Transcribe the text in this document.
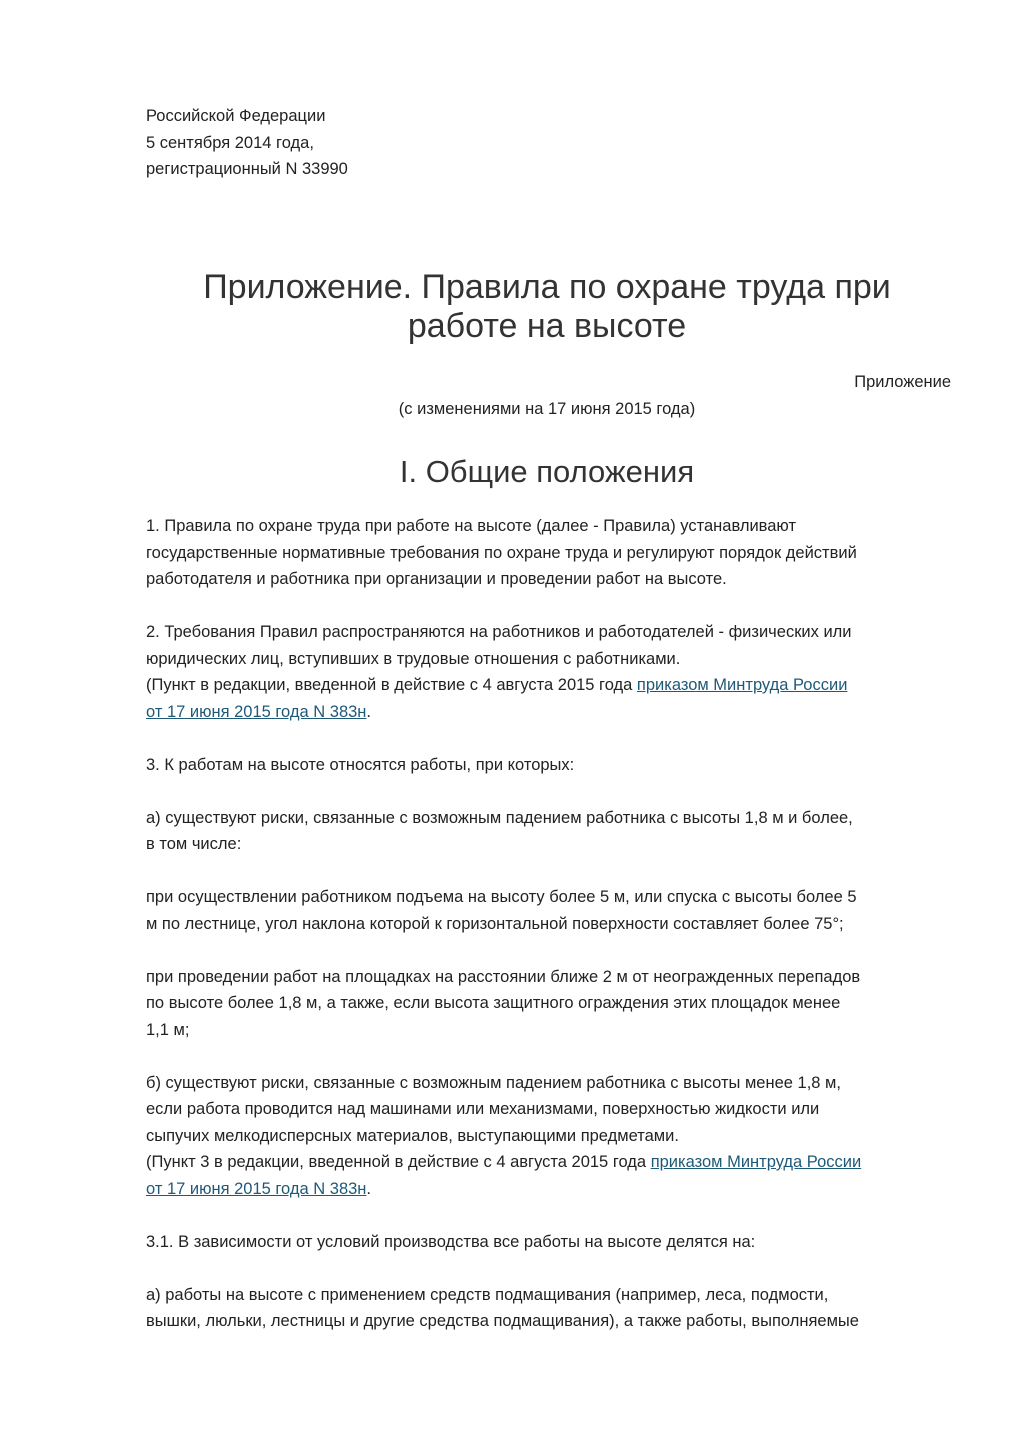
Российской Федерации
5 сентября 2014 года,
регистрационный N 33990
Приложение. Правила по охране труда при
работе на высоте
Приложение
(с изменениями на 17 июня 2015 года)
I. Общие положения

1. Правила по охране труда при работе на высоте (далее - Правила) устанавливают
государственные нормативные требования по охране труда и регулируют порядок действий
работодателя и работника при организации и проведении работ на высоте.

2. Требования Правил распространяются на работников и работодателей - физических или
юридических лиц, вступивших в трудовые отношения с работниками.
(Пункт в редакции, введенной в действие с 4 августа 2015 года приказом Минтруда России
от 17 июня 2015 года N 383н.

3. К работам на высоте относятся работы, при которых:

а) существуют риски, связанные с возможным падением работника с высоты 1,8 м и более,
в том числе:

при осуществлении работником подъема на высоту более 5 м, или спуска с высоты более 5
м по лестнице, угол наклона которой к горизонтальной поверхности составляет более 75°;

при проведении работ на площадках на расстоянии ближе 2 м от неогражденных перепадов
по высоте более 1,8 м, а также, если высота защитного ограждения этих площадок менее
1,1 м;

б) существуют риски, связанные с возможным падением работника с высоты менее 1,8 м,
если работа проводится над машинами или механизмами, поверхностью жидкости или
сыпучих мелкодисперсных материалов, выступающими предметами.
(Пункт 3 в редакции, введенной в действие с 4 августа 2015 года приказом Минтруда России
от 17 июня 2015 года N 383н.

3.1. В зависимости от условий производства все работы на высоте делятся на:

а) работы на высоте с применением средств подмащивания (например, леса, подмости,
вышки, люльки, лестницы и другие средства подмащивания), а также работы, выполняемые
